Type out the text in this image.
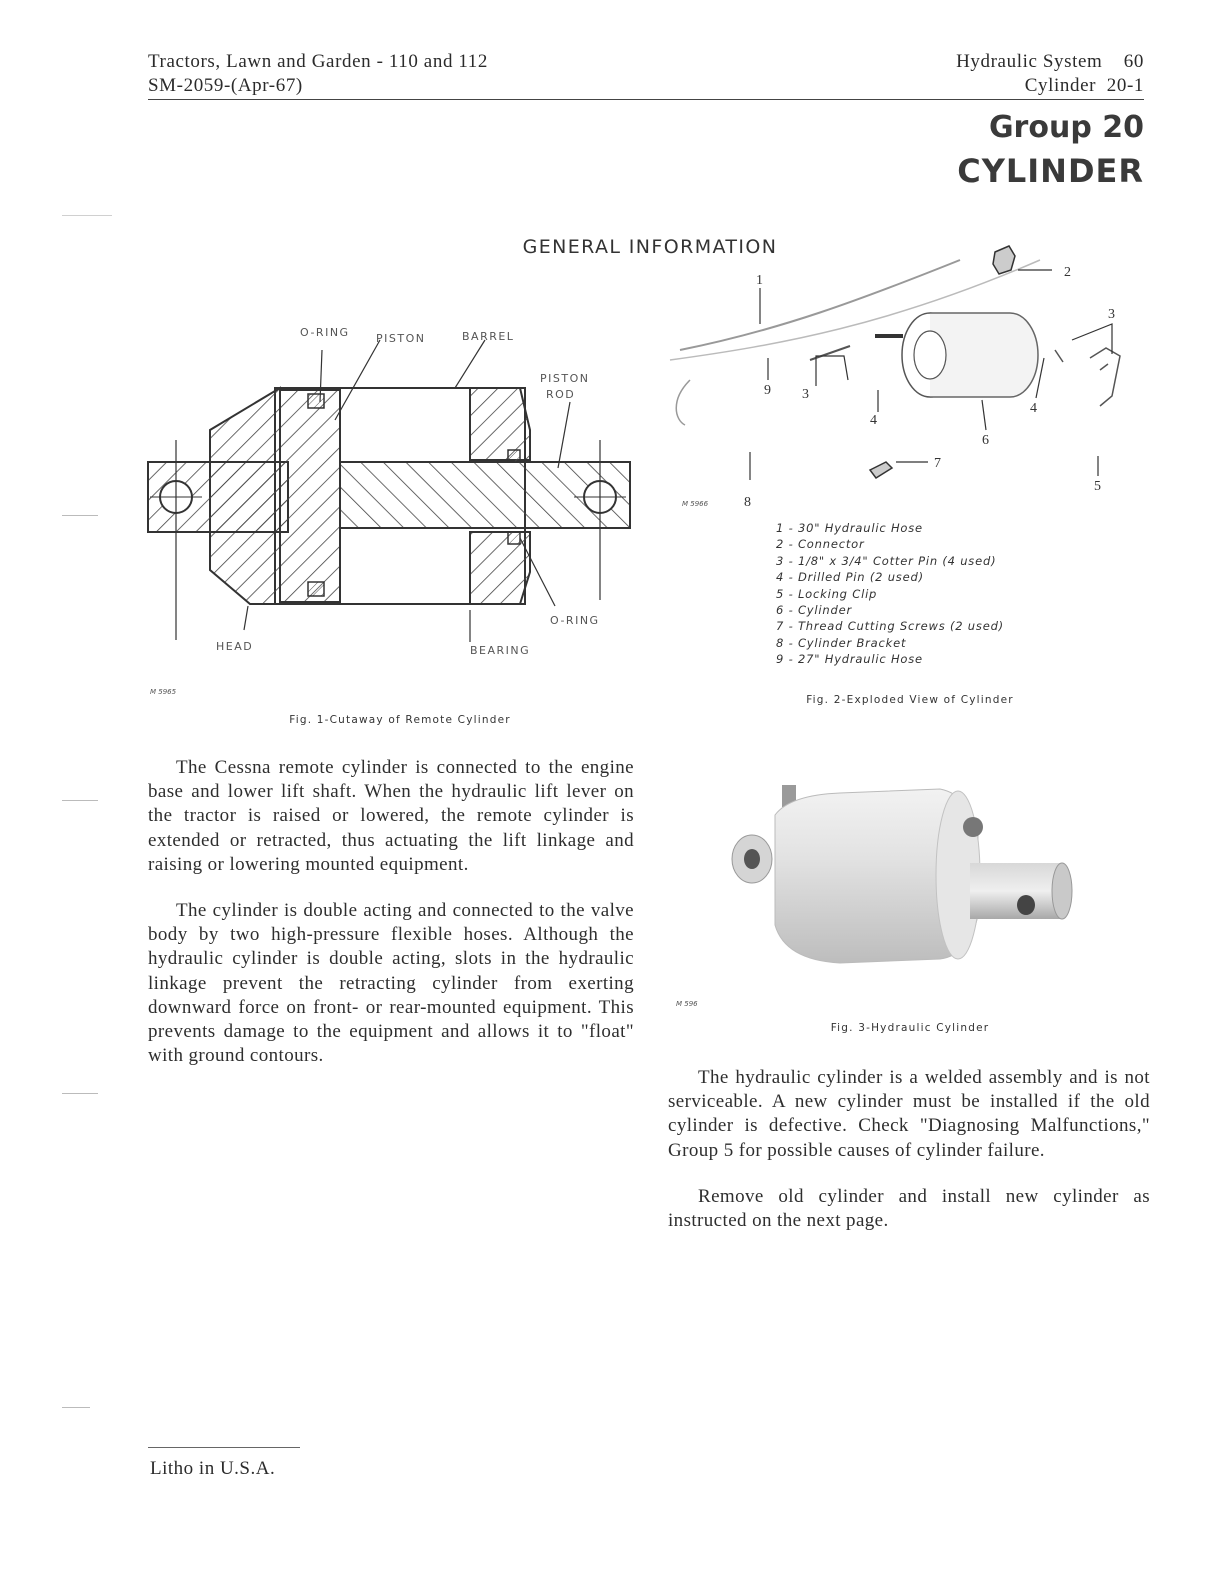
Tractors, Lawn and Garden - 110 and 112
SM-2059-(Apr-67)
Hydraulic System 60
Cylinder 20-1
Group 20
CYLINDER
GENERAL INFORMATION
O-RING PISTON	BARREL
PISTON
ROD
O-RING
HEAD	BEARING
M 5965
Fig. 1-Cutaway of Remote Cylinder
1
2
3
3
4
4
5
6
7
8
9
M 5966
1 - 30" Hydraulic Hose
2 - Connector
3 - 1/8" x 3/4" Cotter Pin (4 used)
4 - Drilled Pin (2 used)
5 - Locking Clip
6 - Cylinder
7 - Thread Cutting Screws (2 used)
8 - Cylinder Bracket
9 - 27" Hydraulic Hose
Fig. 2-Exploded View of Cylinder
M 596
Fig. 3-Hydraulic Cylinder

The Cessna remote cylinder is connected to the engine base and lower lift shaft. When the hydraulic lift lever on the tractor is raised or lowered, the remote cylinder is extended or retracted, thus actuating the lift linkage and raising or lowering mounted equipment.

The cylinder is double acting and connected to the valve body by two high-pressure flexible hoses. Although the hydraulic cylinder is double acting, slots in the hydraulic linkage prevent the retracting cylinder from exerting downward force on front- or rear-mounted equipment. This prevents damage to the equipment and allows it to "float" with ground contours.

The hydraulic cylinder is a welded assembly and is not serviceable. A new cylinder must be installed if the old cylinder is defective. Check "Diagnosing Malfunctions," Group 5 for possible causes of cylinder failure.

Remove old cylinder and install new cylinder as instructed on the next page.

Litho in U.S.A.
